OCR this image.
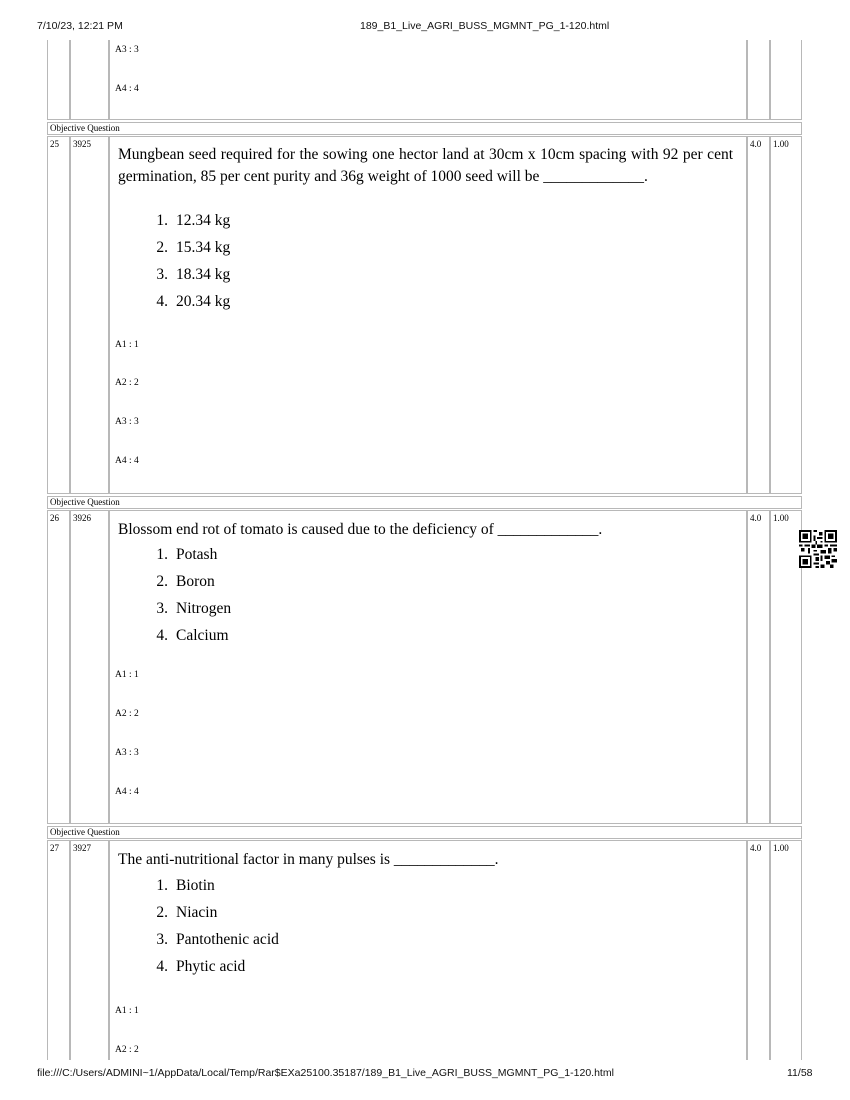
7/10/23, 12:21 PM	189_B1_Live_AGRI_BUSS_MGMNT_PG_1-120.html
A3 : 3
A4 : 4
Objective Question
25 3925
Mungbean seed required for the sowing one hector land at 30cm x 10cm spacing with 92 per cent germination, 85 per cent purity and 36g weight of 1000 seed will be _____________.
1. 12.34 kg
2. 15.34 kg
3. 18.34 kg
4. 20.34 kg
A1 : 1
A2 : 2
A3 : 3
A4 : 4
4.0 1.00
Objective Question
26 3926
Blossom end rot of tomato is caused due to the deficiency of _____________.
1. Potash
2. Boron
3. Nitrogen
4. Calcium
A1 : 1
A2 : 2
A3 : 3
A4 : 4
4.0 1.00
Objective Question
27 3927
The anti-nutritional factor in many pulses is _____________.
1. Biotin
2. Niacin
3. Pantothenic acid
4. Phytic acid
A1 : 1
A2 : 2
4.0 1.00
file:///C:/Users/ADMINI~1/AppData/Local/Temp/Rar$EXa25100.35187/189_B1_Live_AGRI_BUSS_MGMNT_PG_1-120.html	11/58
